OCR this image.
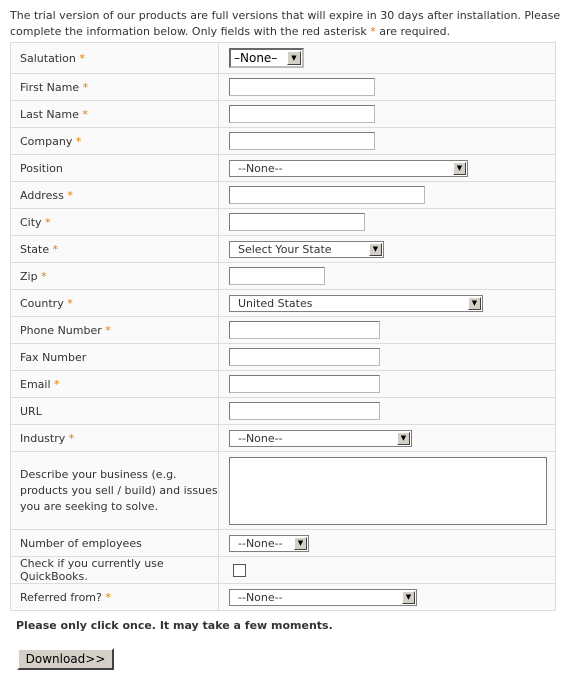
The trial version of our products are full versions that will expire in 30 days after installation. Please complete the information below. Only fields with the red asterisk * are required.
Salutation *	–None– ▼

First Name *	

Last Name *	

Company *	

Position	--None-- ▼

Address *	

City *	

State *	Select Your State ▼

Zip *	

Country *	United States ▼

Phone Number *	

Fax Number	

Email *	

URL	

Industry *	--None-- ▼

Describe your business (e.g. products you sell / build) and issues you are seeking to solve.	

Number of employees	--None-- ▼

Check if you currently use QuickBooks.	

Referred from? *	--None-- ▼
Please only click once. It may take a few moments.
Download>>
